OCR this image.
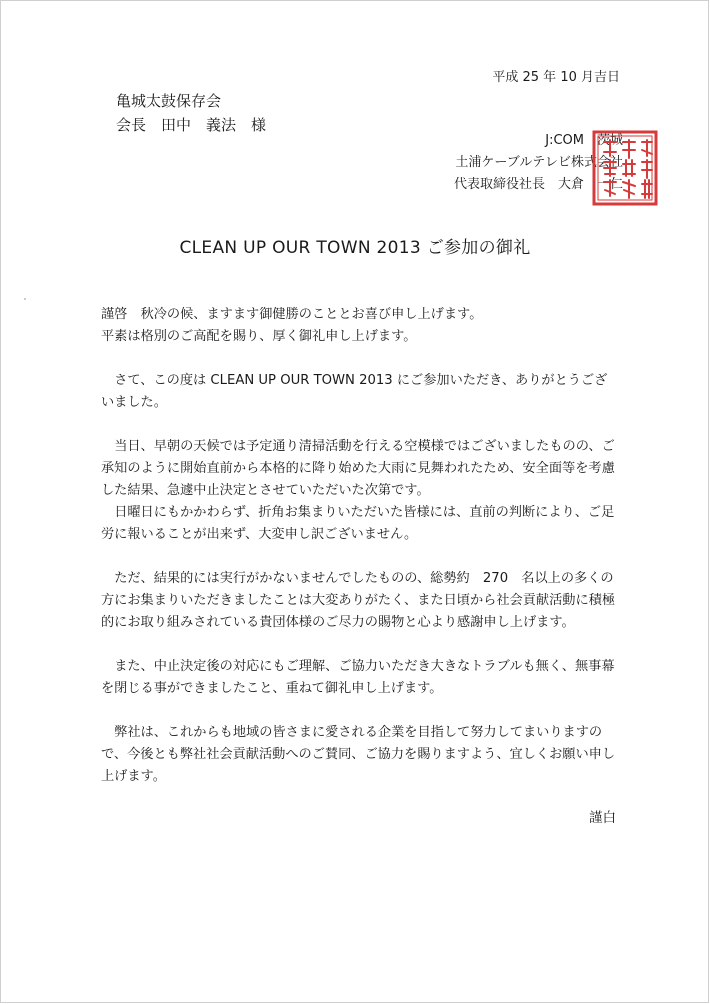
平成 25 年 10 月吉日
亀城太鼓保存会
会長　田中　義法　様
J:COM　茨城
土浦ケーブルテレビ株式会社
代表取締役社長　大倉　一仁
CLEAN UP OUR TOWN 2013 ご参加の御礼

謹啓　秋冷の候、ますます御健勝のこととお喜び申し上げます。

平素は格別のご高配を賜り、厚く御礼申し上げます。

さて、この度は CLEAN UP OUR TOWN 2013 にご参加いただき、ありがとうございました。

当日、早朝の天候では予定通り清掃活動を行える空模様ではございましたものの、ご承知のように開始直前から本格的に降り始めた大雨に見舞われたため、安全面等を考慮した結果、急遽中止決定とさせていただいた次第です。

日曜日にもかかわらず、折角お集まりいただいた皆様には、直前の判断により、ご足労に報いることが出来ず、大変申し訳ございません。

ただ、結果的には実行がかないませんでしたものの、総勢約　270　名以上の多くの方にお集まりいただきましたことは大変ありがたく、また日頃から社会貢献活動に積極的にお取り組みされている貴団体様のご尽力の賜物と心より感謝申し上げます。

また、中止決定後の対応にもご理解、ご協力いただき大きなトラブルも無く、無事幕を閉じる事ができましたこと、重ねて御礼申し上げます。

弊社は、これからも地域の皆さまに愛される企業を目指して努力してまいりますので、今後とも弊社社会貢献活動へのご賛同、ご協力を賜りますよう、宜しくお願い申し上げます。

謹白
